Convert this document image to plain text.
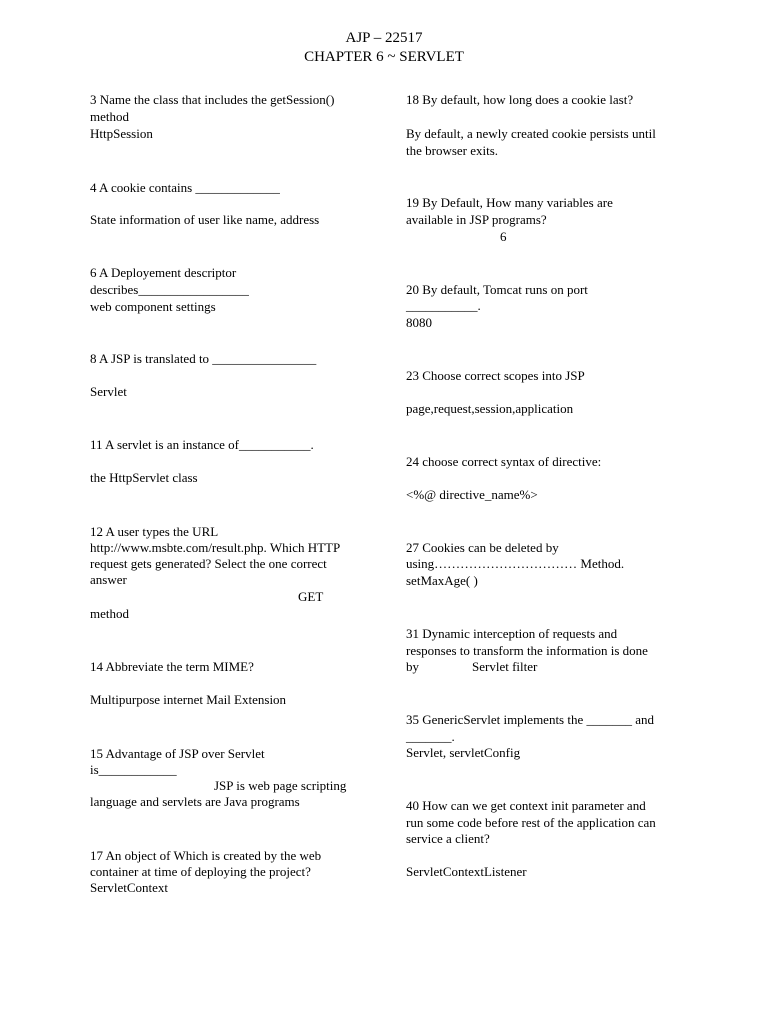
AJP – 22517
CHAPTER 6 ~ SERVLET
3 Name the class that includes the getSession()
method
HttpSession
4 A cookie contains _____________
State information of user like name, address
6 A Deployement descriptor
describes_________________
web component settings
8 A JSP is translated to ________________
Servlet
11 A servlet is an instance of___________.
the HttpServlet class
12 A user types the URL
http://www.msbte.com/result.php. Which HTTP
request gets generated? Select the one correct
answer
GET
method
14 Abbreviate the term MIME?
Multipurpose internet Mail Extension
15 Advantage of JSP over Servlet
is____________
JSP is web page scripting
language and servlets are Java programs
17 An object of Which is created by the web
container at time of deploying the project?
ServletContext
18 By default, how long does a cookie last?
By default, a newly created cookie persists until
the browser exits.
19 By Default, How many variables are
available in JSP programs?
6
20 By default, Tomcat runs on port
___________.
8080
23 Choose correct scopes into JSP
page,request,session,application
24 choose correct syntax of directive:
<%@ directive_name%>
27 Cookies can be deleted by
using…………………………… Method.
setMaxAge( )
31 Dynamic interception of requests and
responses to transform the information is done
by	Servlet filter
35 GenericServlet implements the _______ and
_______.
Servlet, servletConfig
40 How can we get context init parameter and
run some code before rest of the application can
service a client?
ServletContextListener
